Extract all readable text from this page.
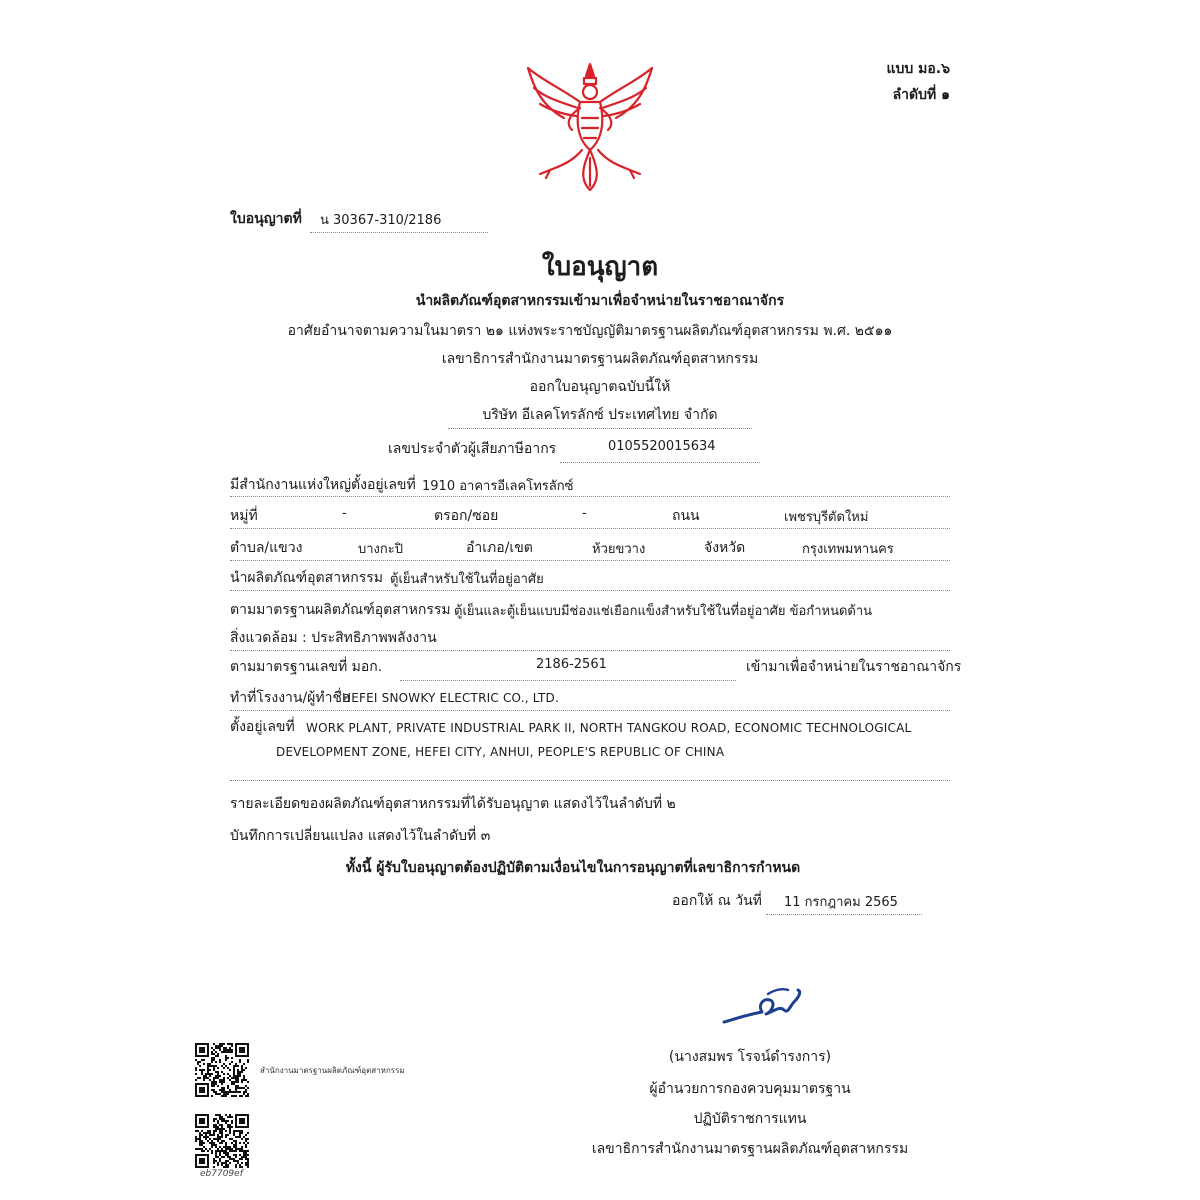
แบบ มอ.๖
ลำดับที่ ๑
ใบอนุญาตที่ น 30367-310/2186
ใบอนุญาต
นำผลิตภัณฑ์อุตสาหกรรมเข้ามาเพื่อจำหน่ายในราชอาณาจักร
อาศัยอำนาจตามความในมาตรา ๒๑ แห่งพระราชบัญญัติมาตรฐานผลิตภัณฑ์อุตสาหกรรม พ.ศ. ๒๕๑๑
เลขาธิการสำนักงานมาตรฐานผลิตภัณฑ์อุตสาหกรรม
ออกใบอนุญาตฉบับนี้ให้
บริษัท อีเลคโทรลักซ์ ประเทศไทย จำกัด
เลขประจำตัวผู้เสียภาษีอากร	0105520015634
มีสำนักงานแห่งใหญ่ตั้งอยู่เลขที่ 1910 อาคารอีเลคโทรลักซ์
หมู่ที่	-	ตรอก/ซอย	-	ถนน	เพชรบุรีตัดใหม่
ตำบล/แขวง	บางกะปิ	อำเภอ/เขต	ห้วยขวาง	จังหวัด	กรุงเทพมหานคร
นำผลิตภัณฑ์อุตสาหกรรม ตู้เย็นสำหรับใช้ในที่อยู่อาศัย
ตามมาตรฐานผลิตภัณฑ์อุตสาหกรรม ตู้เย็นและตู้เย็นแบบมีช่องแช่เยือกแข็งสำหรับใช้ในที่อยู่อาศัย ข้อกำหนดด้าน
สิ่งแวดล้อม : ประสิทธิภาพพลังงาน
ตามมาตรฐานเลขที่ มอก.	2186-2561	เข้ามาเพื่อจำหน่ายในราชอาณาจักร
ทำที่โรงงาน/ผู้ทำชื่อ
HEFEI SNOWKY ELECTRIC CO., LTD.
ตั้งอยู่เลขที่ WORK PLANT, PRIVATE INDUSTRIAL PARK II, NORTH TANGKOU ROAD, ECONOMIC TECHNOLOGICAL
DEVELOPMENT ZONE, HEFEI CITY, ANHUI, PEOPLE'S REPUBLIC OF CHINA
รายละเอียดของผลิตภัณฑ์อุตสาหกรรมที่ได้รับอนุญาต แสดงไว้ในลำดับที่ ๒
บันทึกการเปลี่ยนแปลง แสดงไว้ในลำดับที่ ๓
ทั้งนี้ ผู้รับใบอนุญาตต้องปฏิบัติตามเงื่อนไขในการอนุญาตที่เลขาธิการกำหนด
ออกให้ ณ วันที่ 11 กรกฎาคม 2565
(นางสมพร โรจน์ดำรงการ)
ผู้อำนวยการกองควบคุมมาตรฐาน
ปฏิบัติราชการแทน
เลขาธิการสำนักงานมาตรฐานผลิตภัณฑ์อุตสาหกรรม
สำนักงานมาตรฐานผลิตภัณฑ์อุตสาหกรรม
eb7709ef
